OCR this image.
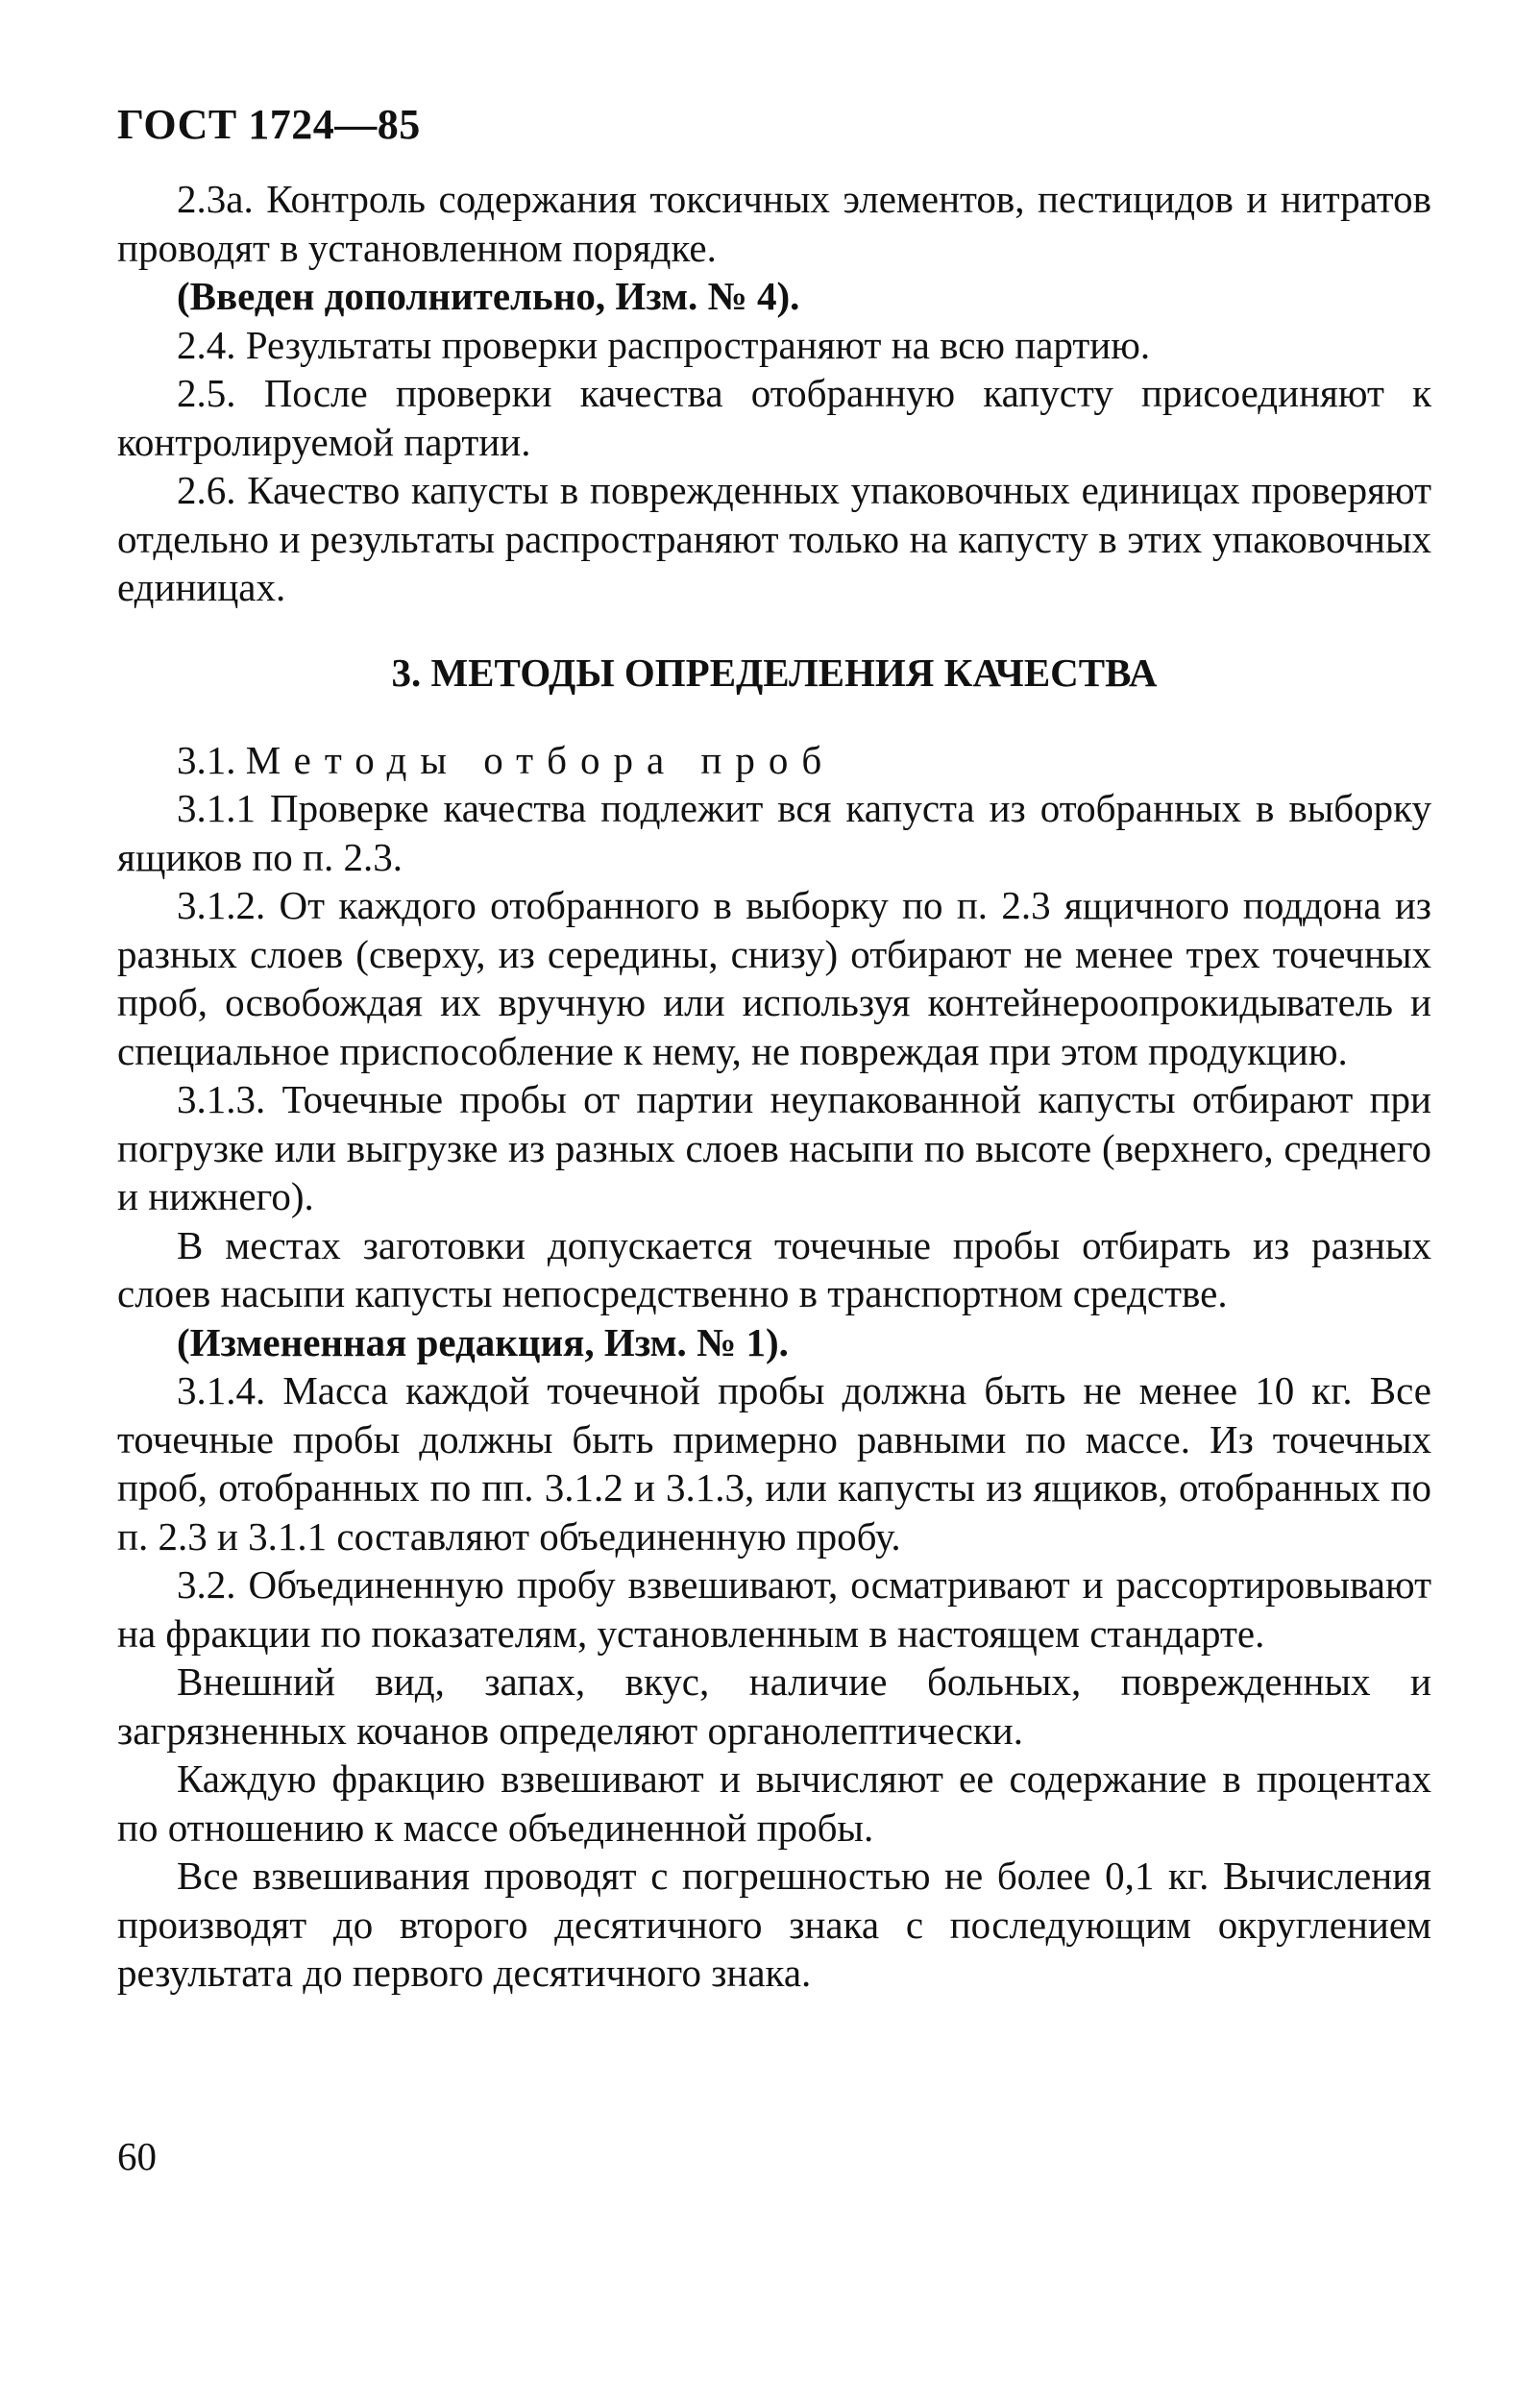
ГОСТ 1724—85

2.3а. Контроль содержания токсичных элементов, пестицидов и нитратов проводят в установленном порядке.

(Введен дополнительно, Изм. № 4).

2.4. Результаты проверки распространяют на всю партию.

2.5. После проверки качества отобранную капусту присоединяют к контролируемой партии.

2.6. Качество капусты в поврежденных упаковочных единицах проверяют отдельно и результаты распространяют только на капусту в этих упаковочных единицах.

3. МЕТОДЫ ОПРЕДЕЛЕНИЯ КАЧЕСТВА

3.1. Методы отбора проб

3.1.1 Проверке качества подлежит вся капуста из отобранных в выборку ящиков по п. 2.3.

3.1.2. От каждого отобранного в выборку по п. 2.3 ящичного поддона из разных слоев (сверху, из середины, снизу) отбирают не менее трех точечных проб, освобождая их вручную или используя контейнероопрокидыватель и специальное приспособление к нему, не повреждая при этом продукцию.

3.1.3. Точечные пробы от партии неупакованной капусты отбирают при погрузке или выгрузке из разных слоев насыпи по высоте (верхнего, среднего и нижнего).

В местах заготовки допускается точечные пробы отбирать из разных слоев насыпи капусты непосредственно в транспортном средстве.

(Измененная редакция, Изм. № 1).

3.1.4. Масса каждой точечной пробы должна быть не менее 10 кг. Все точечные пробы должны быть примерно равными по массе. Из точечных проб, отобранных по пп. 3.1.2 и 3.1.3, или капусты из ящиков, отобранных по п. 2.3 и 3.1.1 составляют объединенную пробу.

3.2. Объединенную пробу взвешивают, осматривают и рассортировывают на фракции по показателям, установленным в настоящем стандарте.

Внешний вид, запах, вкус, наличие больных, поврежденных и загрязненных кочанов определяют органолептически.

Каждую фракцию взвешивают и вычисляют ее содержание в процентах по отношению к массе объединенной пробы.

Все взвешивания проводят с погрешностью не более 0,1 кг. Вычисления производят до второго десятичного знака с последующим округлением результата до первого десятичного знака.

60
